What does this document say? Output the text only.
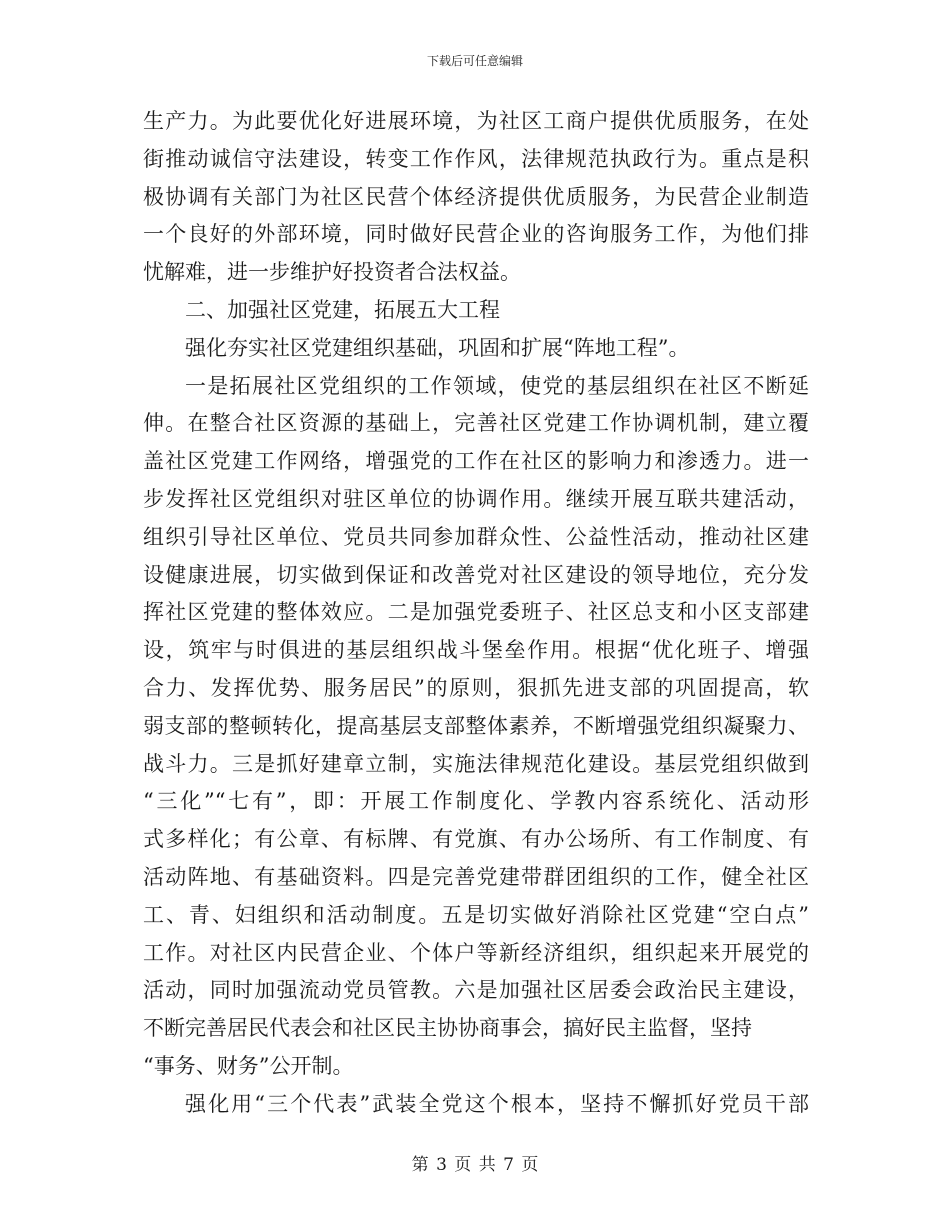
下载后可任意编辑
生产力。为此要优化好进展环境，为社区工商户提供优质服务，在处
街推动诚信守法建设，转变工作作风，法律规范执政行为。重点是积
极协调有关部门为社区民营个体经济提供优质服务，为民营企业制造
一个良好的外部环境，同时做好民营企业的咨询服务工作，为他们排
忧解难，进一步维护好投资者合法权益。
二、加强社区党建，拓展五大工程
强化夯实社区党建组织基础，巩固和扩展“阵地工程”。
一是拓展社区党组织的工作领域，使党的基层组织在社区不断延
伸。在整合社区资源的基础上，完善社区党建工作协调机制，建立覆
盖社区党建工作网络，增强党的工作在社区的影响力和渗透力。进一
步发挥社区党组织对驻区单位的协调作用。继续开展互联共建活动，
组织引导社区单位、党员共同参加群众性、公益性活动，推动社区建
设健康进展，切实做到保证和改善党对社区建设的领导地位，充分发
挥社区党建的整体效应。二是加强党委班子、社区总支和小区支部建
设，筑牢与时俱进的基层组织战斗堡垒作用。根据“优化班子、增强
合力、发挥优势、服务居民”的原则，狠抓先进支部的巩固提高，软
弱支部的整顿转化，提高基层支部整体素养，不断增强党组织凝聚力、
战斗力。三是抓好建章立制，实施法律规范化建设。基层党组织做到
“三化”“七有”，即：开展工作制度化、学教内容系统化、活动形
式多样化；有公章、有标牌、有党旗、有办公场所、有工作制度、有
活动阵地、有基础资料。四是完善党建带群团组织的工作，健全社区
工、青、妇组织和活动制度。五是切实做好消除社区党建“空白点”
工作。对社区内民营企业、个体户等新经济组织，组织起来开展党的
活动，同时加强流动党员管教。六是加强社区居委会政治民主建设，
不断完善居民代表会和社区民主协协商事会，搞好民主监督，坚持
“事务、财务”公开制。
强化用“三个代表”武装全党这个根本，坚持不懈抓好党员干部
第 3 页 共 7 页
